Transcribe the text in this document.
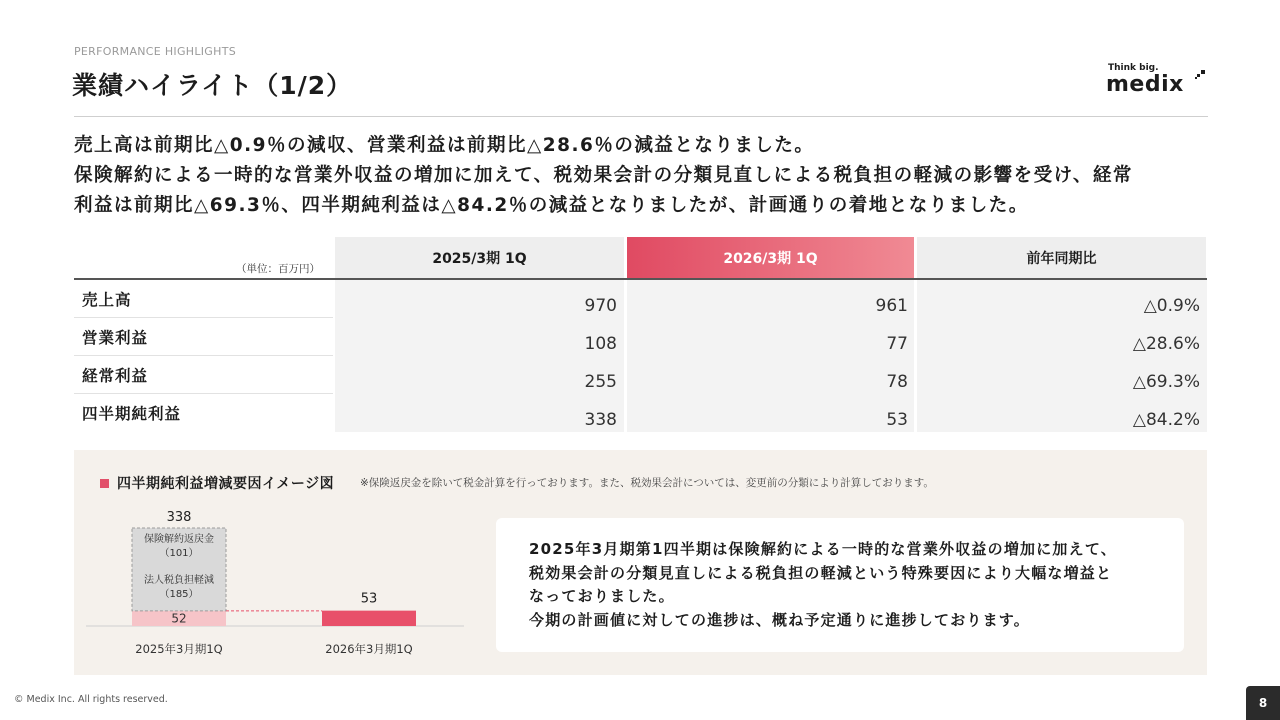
PERFORMANCE HIGHLIGHTS
業績ハイライト（1/2）
Think big.
medix
売上高は前期比△0.9％の減収、営業利益は前期比△28.6％の減益となりました。
保険解約による一時的な営業外収益の増加に加えて、税効果会計の分類見直しによる税負担の軽減の影響を受け、経常
利益は前期比△69.3％、四半期純利益は△84.2％の減益となりましたが、計画通りの着地となりました。
（単位：百万円）
2025/3期 1Q	2026/3期 1Q	前年同期比
売上高	970	961	△0.9%
営業利益	108	77	△28.6%
経常利益	255	78	△69.3%
四半期純利益	338	53	△84.2%
四半期純利益増減要因イメージ図 ※保険返戻金を除いて税金計算を行っております。また、税効果会計については、変更前の分類により計算しております。
52
保険解約返戻金
（101）
法人税負担軽減
（185）
338
53
2025年3月期1Q	2026年3月期1Q
2025年3月期第1四半期は保険解約による一時的な営業外収益の増加に加えて、
税効果会計の分類見直しによる税負担の軽減という特殊要因により大幅な増益と
なっておりました。
今期の計画値に対しての進捗は、概ね予定通りに進捗しております。
© Medix Inc. All rights reserved.	8
